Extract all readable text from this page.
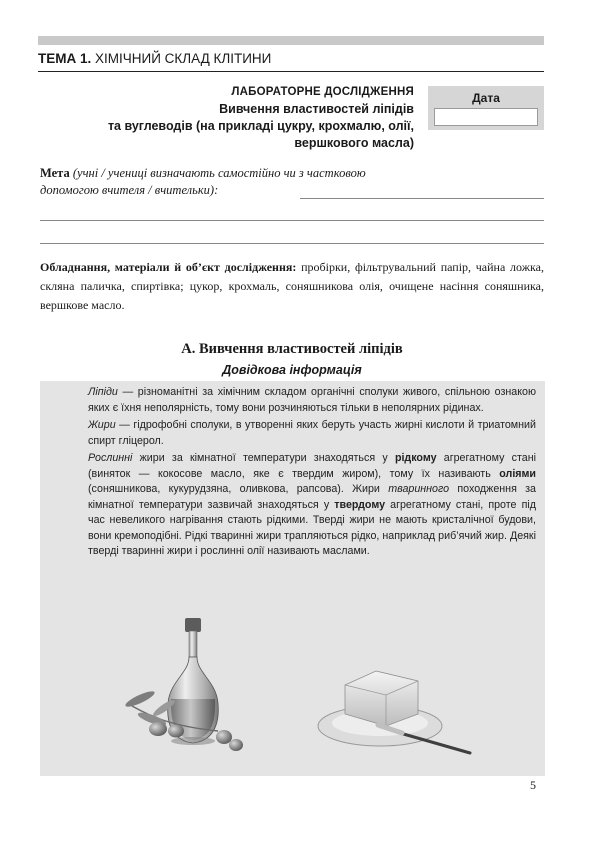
ТЕМА 1. ХІМІЧНИЙ СКЛАД КЛІТИНИ
ЛАБОРАТОРНЕ ДОСЛІДЖЕННЯ
Вивчення властивостей ліпідів
та вуглеводів (на прикладі цукру, крохмалю, олії,
вершкового масла)
Дата
Мета (учні / учениці визначають самостійно чи з частковою
допомогою вчителя / вчительки):
Обладнання, матеріали й об’єкт дослідження: пробірки, фільтрувальний папір, чайна ложка, скляна паличка, спиртівка; цукор, крохмаль, соняшникова олія, очищене насіння соняшника, вершкове масло.
А. Вивчення властивостей ліпідів
Довідкова інформація

Ліпіди — різноманітні за хімічним складом органічні сполуки живого, спільною ознакою яких є їхня неполярність, тому вони розчиняються тільки в неполярних рідинах.

Жири — гідрофобні сполуки, в утворенні яких беруть участь жирні кислоти й триатомний спирт гліцерол.

Рослинні жири за кімнатної температури знаходяться у рідкому агрегатному стані (виняток — кокосове масло, яке є твердим жиром), тому їх називають оліями (соняшникова, кукурудзяна, оливкова, рапсова). Жири тваринного походження за кімнатної температури зазвичай знаходяться у твердому агрегатному стані, проте під час невеликого нагрівання стають рідкими. Тверді жири не мають кристалічної будови, вони кремоподібні. Рідкі тваринні жири трапляються рідко, наприклад риб’ячий жир. Деякі тверді тваринні жири і рослинні олії називають маслами.

5
